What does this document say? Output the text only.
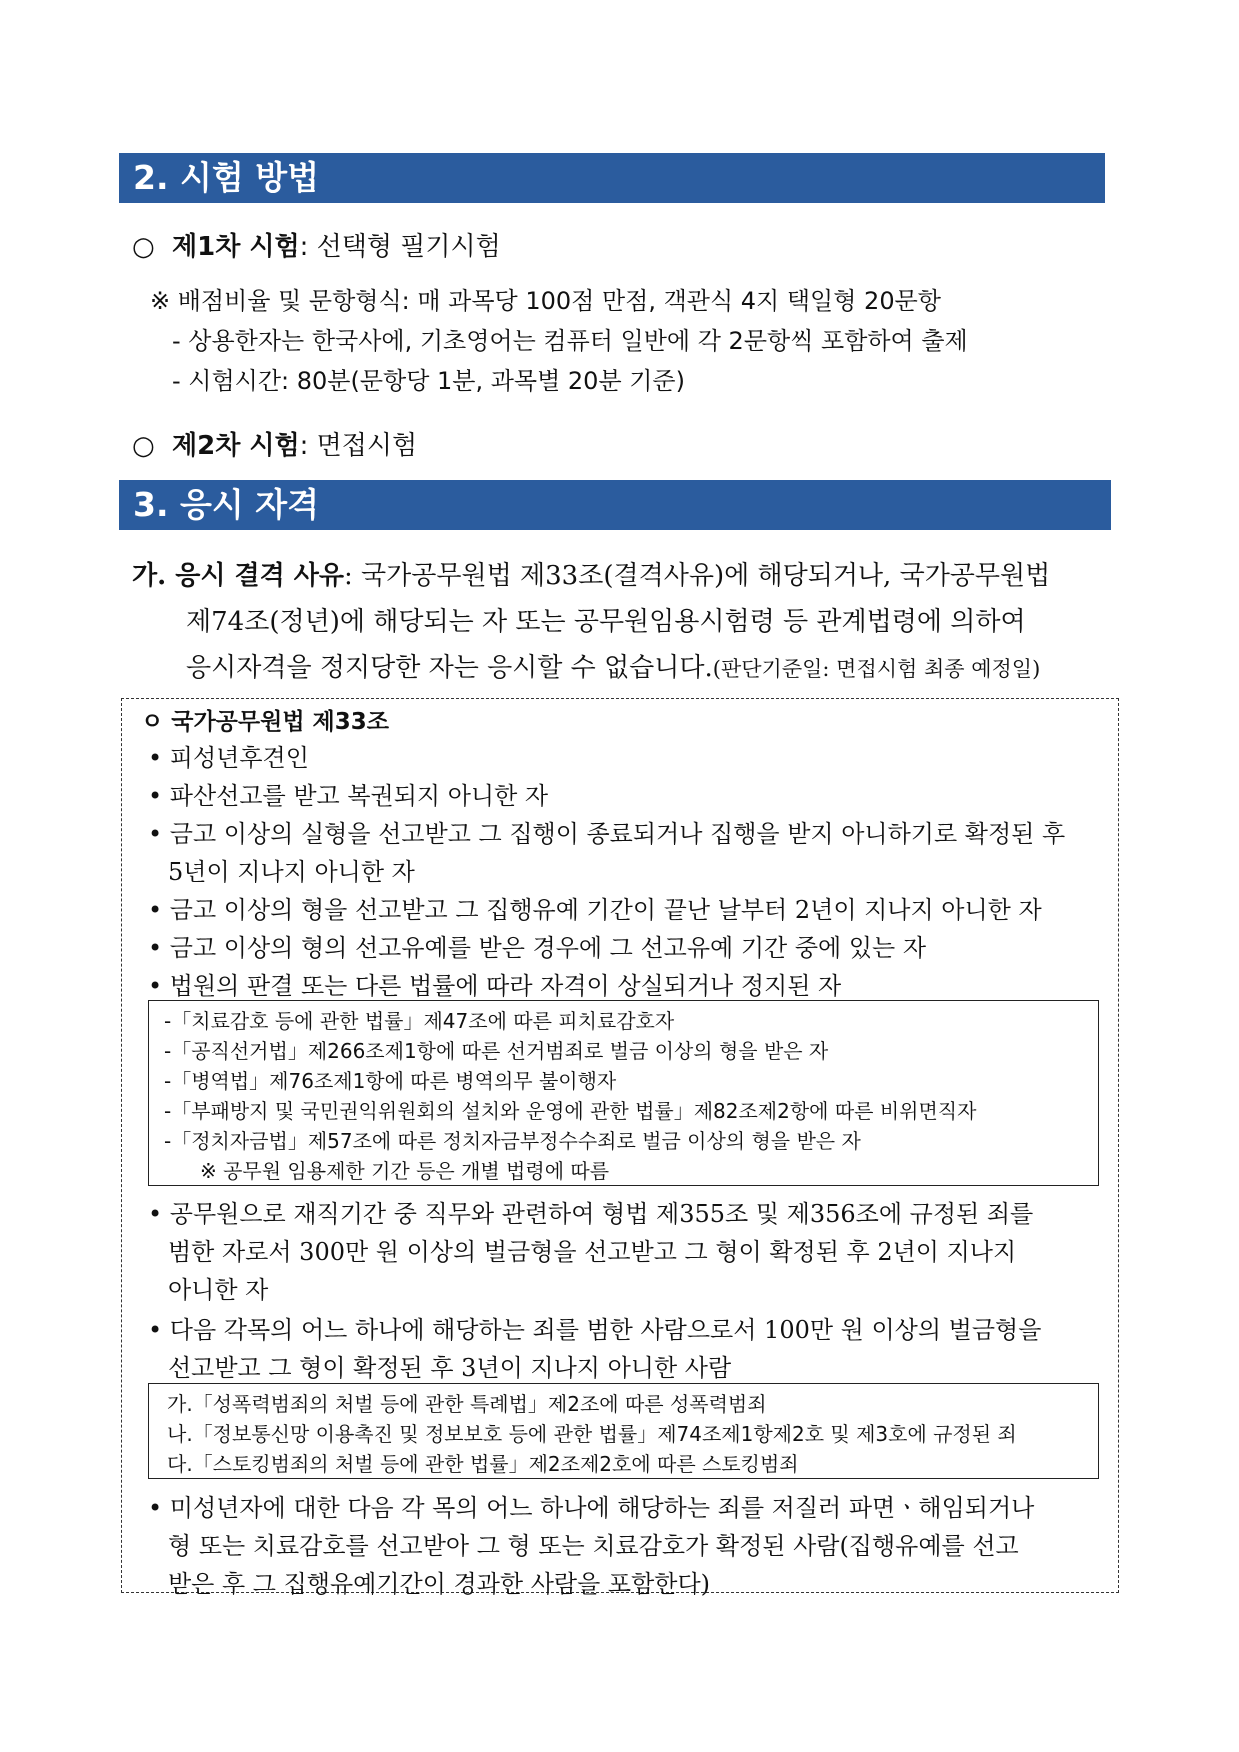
2. 시험 방법
○ 제1차 시험: 선택형 필기시험
※ 배점비율 및 문항형식: 매 과목당 100점 만점, 객관식 4지 택일형 20문항
- 상용한자는 한국사에, 기초영어는 컴퓨터 일반에 각 2문항씩 포함하여 출제
- 시험시간: 80분(문항당 1분, 과목별 20분 기준)
○ 제2차 시험: 면접시험
3. 응시 자격
가. 응시 결격 사유: 국가공무원법 제33조(결격사유)에 해당되거나, 국가공무원법
제74조(정년)에 해당되는 자 또는 공무원임용시험령 등 관계법령에 의하여
응시자격을 정지당한 자는 응시할 수 없습니다.(판단기준일: 면접시험 최종 예정일)
ㅇ 국가공무원법 제33조
• 피성년후견인
• 파산선고를 받고 복권되지 아니한 자
• 금고 이상의 실형을 선고받고 그 집행이 종료되거나 집행을 받지 아니하기로 확정된 후
5년이 지나지 아니한 자
• 금고 이상의 형을 선고받고 그 집행유예 기간이 끝난 날부터 2년이 지나지 아니한 자
• 금고 이상의 형의 선고유예를 받은 경우에 그 선고유예 기간 중에 있는 자
• 법원의 판결 또는 다른 법률에 따라 자격이 상실되거나 정지된 자
-「치료감호 등에 관한 법률」제47조에 따른 피치료감호자
-「공직선거법」제266조제1항에 따른 선거범죄로 벌금 이상의 형을 받은 자
-「병역법」제76조제1항에 따른 병역의무 불이행자
-「부패방지 및 국민권익위원회의 설치와 운영에 관한 법률」제82조제2항에 따른 비위면직자
-「정치자금법」제57조에 따른 정치자금부정수수죄로 벌금 이상의 형을 받은 자
※ 공무원 임용제한 기간 등은 개별 법령에 따름
• 공무원으로 재직기간 중 직무와 관련하여 형법 제355조 및 제356조에 규정된 죄를
범한 자로서 300만 원 이상의 벌금형을 선고받고 그 형이 확정된 후 2년이 지나지
아니한 자
• 다음 각목의 어느 하나에 해당하는 죄를 범한 사람으로서 100만 원 이상의 벌금형을
선고받고 그 형이 확정된 후 3년이 지나지 아니한 사람
가.「성폭력범죄의 처벌 등에 관한 특례법」제2조에 따른 성폭력범죄
나.「정보통신망 이용촉진 및 정보보호 등에 관한 법률」제74조제1항제2호 및 제3호에 규정된 죄
다.「스토킹범죄의 처벌 등에 관한 법률」제2조제2호에 따른 스토킹범죄
• 미성년자에 대한 다음 각 목의 어느 하나에 해당하는 죄를 저질러 파면ㆍ해임되거나
형 또는 치료감호를 선고받아 그 형 또는 치료감호가 확정된 사람(집행유예를 선고
받은 후 그 집행유예기간이 경과한 사람을 포함한다)
